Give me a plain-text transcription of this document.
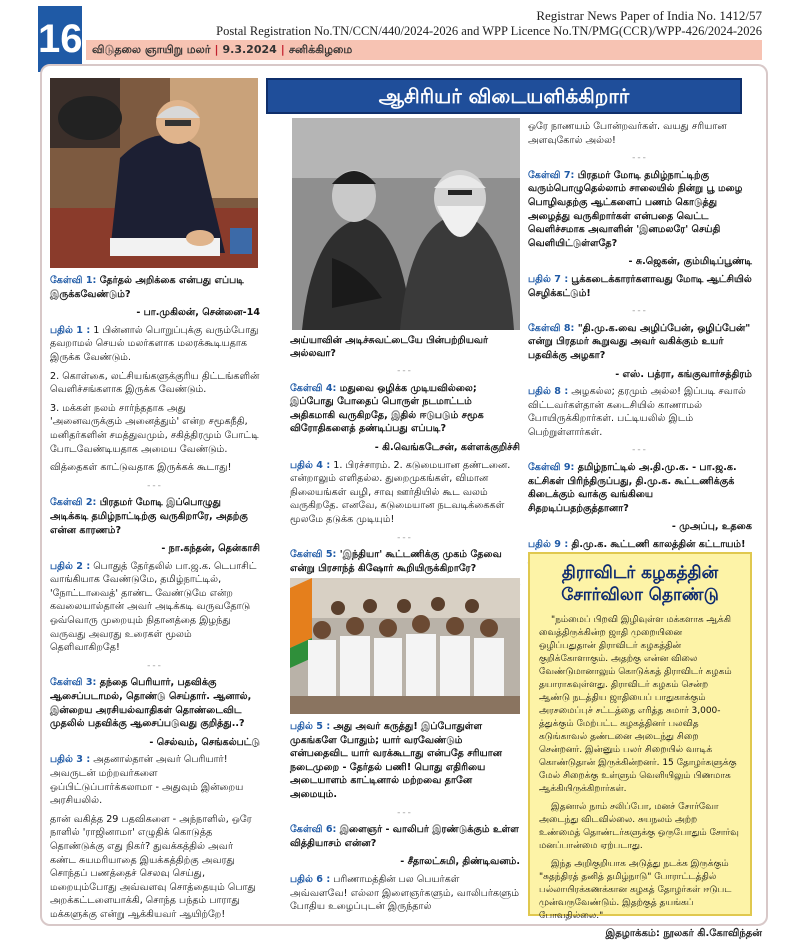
16
Registrar News Paper of India No. 1412/57
Postal Registration No.TN/CCN/440/2024-2026 and WPP Licence No.TN/PMG(CCR)/WPP-426/2024-2026
விடுதலை ஞாயிறு மலர் | 9.3.2024 | சனிக்கிழமை
ஆசிரியர் விடையளிக்கிறார்

கேள்வி 1: தேர்தல் அறிக்கை என்பது எப்படி இருக்கவேண்டும்?

- பா.முகிலன், சென்னை-14

பதில் 1 : 1 பின்னால் பொறுப்புக்கு வரும்போது தவறாமல் செயல் மலர்களாக மலரக்கூடியதாக இருக்க வேண்டும்.

2. கொள்கை, லட்சியங்களுக்குரிய திட்டங்களின் வெளிச்சங்களாக இருக்க வேண்டும்.

3. மக்கள் நலம் சார்ந்ததாக அது 'அனைவருக்கும் அனைத்தும்' என்ற சமூகநீதி, மனிதர்களின் சமத்துவமும், சகித்திரமும் போட்டி போடவேண்டியதாக அமைய வேண்டும்.

வித்தைகள் காட்டுவதாக இருக்கக் கூடாது!

---

கேள்வி 2: பிரதமர் மோடி இப்பொழுது அடிக்கடி தமிழ்நாட்டிற்கு வருகிறாரே, அதற்கு என்ன காரணம்?

- நா.கந்தன், தென்காசி

பதில் 2 : பொதுத் தேர்தலில் பா.ஜ.க. டெபாசிட் வாங்கியாக வேண்டுமே, தமிழ்நாட்டில், 'நோட்டாவைத்' தாண்ட வேண்டுமே என்ற கவலையால்தான் அவர் அடிக்கடி வருவதோடு ஒவ்வொரு முறையும் நிதானத்தை இழந்து வருவது அவரது உரைகள் மூலம் தெளிவாகிறதே!

---

கேள்வி 3: தந்தை பெரியார், பதவிக்கு ஆசைப்படாமல், தொண்டு செய்தார். ஆனால், இன்றைய அரசியல்வாதிகள் தொண்டைவிட முதலில் பதவிக்கு ஆசைப்படுவது குறித்து..?

- செல்வம், செங்கல்பட்டு

பதில் 3 : அதனால்தான் அவர் பெரியார்! அவருடன் மற்றவர்களை ஒப்பிட்டுப்பார்க்கலாமா - அதுவும் இன்றைய அரசியலில்.

தான் வகித்த 29 பதவிகளை - அந்நாளில், ஒரே நாளில் 'ராஜினாமா' எழுதிக் கொடுத்த தொண்டுக்கு எது நிகர்? துவக்கத்தில் அவர் கண்ட சுயமரியாதை இயக்கத்திற்கு அவரது சொந்தப் பணத்தைச் செலவு செய்து, மறையும்போது அவ்வளவு சொத்தையும் பொது அறக்கட்டளையாக்கி, சொந்த பந்தம் பாராது மக்களுக்கு என்று ஆக்கியவர் ஆயிற்றே!

அய்யாவின் அடிச்சுவட்டையே பின்பற்றியவர் அல்லவா?

---

கேள்வி 4: மதுவை ஒழிக்க முடியவில்லை; இப்போது போதைப் பொருள் நடமாட்டம் அதிகமாகி வருகிறதே, இதில் ஈடுபடும் சமூக விரோதிகளைத் தண்டிப்பது எப்படி?

- கி.வெங்கடேசன், கள்ளக்குறிச்சி

பதில் 4 : 1. பிரச்சாரம். 2. கடுமையான தண்டனை. என்றாலும் எளிதல்ல. துறைமுகங்கள், விமான நிலையங்கள் வழி, சாவு ஊர்தியில் கூட வலம் வருகிறதே. எனவே, கடுமையான நடவடிக்கைகள் மூலமே தடுக்க முடியும்!

---

கேள்வி 5: 'இந்தியா' கூட்டணிக்கு முகம் தேவை என்று பிரசாந்த் கிஷோர் கூறியிருக்கிறாரே?

பதில் 5 : அது அவர் கருத்து! இப்போதுள்ள முகங்களே போதும்; யார் வரவேண்டும் என்பதைவிட யார் வரக்கூடாது என்பதே சரியான நடைமுறை - தேர்தல் பணி! பொது எதிரியை அடையாளம் காட்டினால் மற்றவை தானே அமையும்.

---

கேள்வி 6: இளைஞர் - வாலிபர் இரண்டுக்கும் உள்ள வித்தியாசம் என்ன?

- சீதாலட்சுமி, திண்டிவனம்.

பதில் 6 : பரிணாமத்தின் பல பெயர்கள் அவ்வளவே! எல்லா இளைஞர்களும், வாலிபர்களும் போதிய உழைப்புடன் இருந்தால்

ஒரே நாணயம் போன்றவர்கள். வயது சரியான அளவுகோல் அல்ல!

---

கேள்வி 7: பிரதமர் மோடி தமிழ்நாட்டிற்கு வரும்பொழுதெல்லாம் சாலையில் நின்று பூ மழை பொழிவதற்கு ஆட்களைப் பணம் கொடுத்து அழைத்து வருகிறார்கள் என்பதை வெட்ட வெளிச்சமாக அவாளின் 'இனமலரே' செய்தி வெளியிட்டுள்ளதே?

- சு.ஜெகன், கும்மிடிப்பூண்டி

பதில் 7 : பூக்கடைக்காரர்களாவது மோடி ஆட்சியில் செழிக்கட்டும்!

---

கேள்வி 8: "தி.மு.க.வை அழிப்பேன், ஒழிப்பேன்" என்று பிரதமர் கூறுவது அவர் வகிக்கும் உயர் பதவிக்கு அழகா?

- எஸ். பத்ரா, கங்குவார்சத்திரம்

பதில் 8 : அழகல்ல; தரமும் அல்ல! இப்படி சவால் விட்டவர்கள்தான் கடைசியில் காணாமல் போயிருக்கிறார்கள். பட்டியலில் இடம் பெற்றுள்ளார்கள்.

---

கேள்வி 9: தமிழ்நாட்டில் அ.தி.மு.க. - பா.ஜ.க. கட்சிகள் பிரிந்திருப்பது, தி.மு.க. கூட்டணிக்குக் கிடைக்கும் வாக்கு வங்கியை சிதறடிப்பதற்குத்தானா?

- முஅப்பு, உதகை

பதில் 9 : தி.மு.க. கூட்டணி காலத்தின் கட்டாயம்!

திராவிடர் கழகத்தின் சோர்விலா தொண்டு

"நம்மைப் பிறவி இழிவுள்ள மக்களாக ஆக்கி வைத்திருக்கின்ற ஜாதி முறையினை ஒழிப்பதுதான் திராவிடர் கழகத்தின் குறிக்கோளாகும். அதற்கு என்ன விலை வேண்டுமானாலும் கொடுக்கத் திராவிடர் கழகம் தயாராகவுள்ளது. திராவிடர் கழகம் சென்ற ஆண்டு நடத்திய ஜாதியைப் பாதுகாக்கும் அரசமைப்புச் சட்டத்தை எரித்த சுமார் 3,000- த்துக்கும் மேற்பட்ட கழகத்தினர் பலவித கடுங்காவல் தண்டனை அடைந்து சிறை சென்றனர். இன்னும் பலர் சிறையில் வாடிக் கொண்டுதான் இருக்கின்றனர். 15 தோழர்களுக்கு மேல் சிறைக்கு உள்ளும் வெளியிலும் பிணமாக ஆக்கியிருக்கிறார்கள்.

இதனால் நாம் சலிப்போ, மனச் சோர்வோ அடைந்து விடவில்லை. சுயநலம் அற்ற உண்மைத் தொண்டர்களுக்கு ஒருபோதும் சோர்வு மனப்பான்மை ஏற்படாது.

இந்த அறிகுறியாக அடுத்து நடக்க இருக்கும் "சுதந்திரத் தனித் தமிழ்நாடு" போராட்டத்தில் பல்லாயிரக்கணக்கான கழகத் தோழர்கள் ஈடுபட முன்வருவேண்டும். இதற்குத் தயங்கப் போவதில்லை."

இதழாக்கம்: நூலகர் கி.கோவிந்தன்
